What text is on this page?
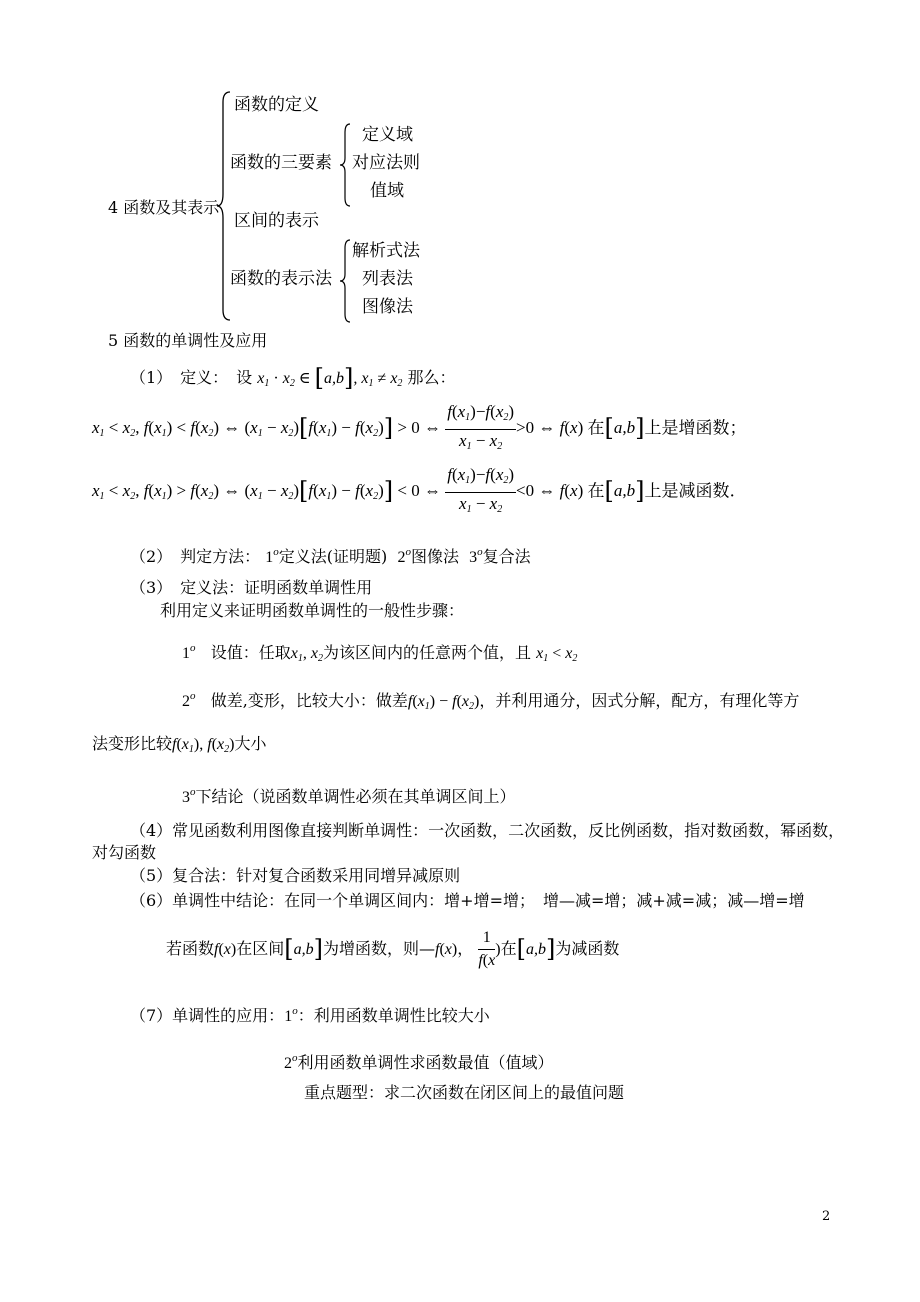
4 函数及其表示
函数的定义
函数的三要素
定义域
对应法则
值域
区间的表示
函数的表示法
解析式法
列表法
图像法
5 函数的单调性及应用
（1）　定义：　设 $x_1 \cdot x_2$ ∈ [a,b], $x_1 \ne x_2$ 那么：
$x_1 < x_2$, $f(x_1) < f(x_2)$ ⇔ $(x_1 - x_2)[f(x_1) - f(x_2)] > 0$ ⇔ $\frac{f(x_1)-f(x_2)}{x_1 - x_2} >0$ ⇔ f(x) 在[a,b]上是增函数；
$x_1 < x_2$, $f(x_1) > f(x_2)$ ⇔ $(x_1 - x_2)[f(x_1) - f(x_2)] < 0$ ⇔ $\frac{f(x_1)-f(x_2)}{x_1 - x_2} <0$ ⇔ f(x) 在[a,b]上是减函数.
（2）　判定方法： 1$^o$定义法(证明题) 2$^o$图像法 3$^o$复合法
（3）　定义法：证明函数单调性用
利用定义来证明函数单调性的一般性步骤：
1$^o$ 设值：任取$x_1$, $x_2$为该区间内的任意两个值，且 $x_1 < x_2$
2$^o$ 做差,变形，比较大小：做差$f(x_1) - f(x_2)$，并利用通分，因式分解，配方，有理化等方
法变形比较$f(x_1)$, $f(x_2)$大小
3$^o$下结论（说函数单调性必须在其单调区间上）
（4）常见函数利用图像直接判断单调性：一次函数，二次函数，反比例函数，指对数函数，幂函数，
对勾函数
（5）复合法：针对复合函数采用同增异减原则
（6）单调性中结论：在同一个单调区间内：增+增=增；　增—减=增；减+减=减；减—增=增
若函数f(x)在区间[a,b]为增函数，则—f(x)， $\frac{1}{f(x}$ )在[a,b]为减函数
（7）单调性的应用：1$^o$：利用函数单调性比较大小
2$^o$利用函数单调性求函数最值（值域）
重点题型：求二次函数在闭区间上的最值问题
2
